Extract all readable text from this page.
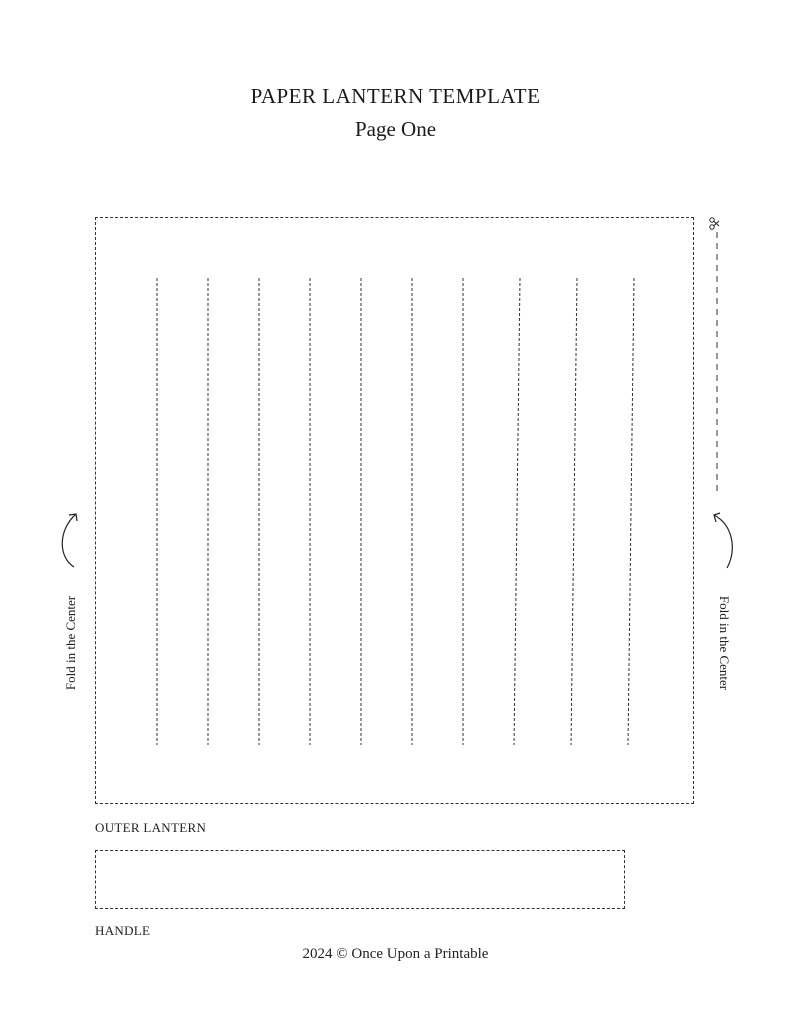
PAPER LANTERN TEMPLATE
Page One
Fold in the Center	Fold in the Center
OUTER LANTERN
HANDLE
2024 © Once Upon a Printable
